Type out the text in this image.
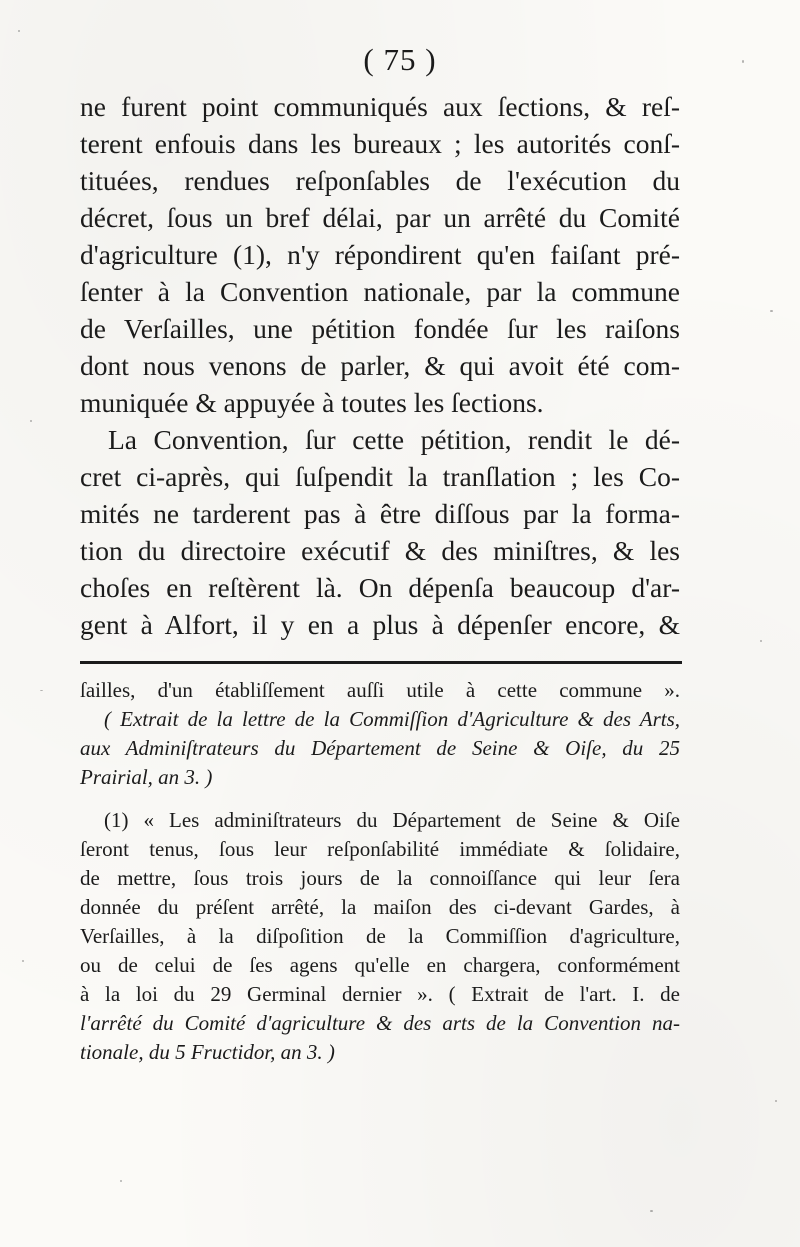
( 75 )
ne furent point communiqués aux ſections, & reſ-
terent enfouis dans les bureaux ; les autorités conſ-
tituées, rendues reſponſables de l'exécution du
décret, ſous un bref délai, par un arrêté du Comité
d'agriculture (1), n'y répondirent qu'en faiſant pré-
ſenter à la Convention nationale, par la commune
de Verſailles, une pétition fondée ſur les raiſons
dont nous venons de parler, & qui avoit été com-
muniquée & appuyée à toutes les ſections.
La Convention, ſur cette pétition, rendit le dé-
cret ci-après, qui ſuſpendit la tranſlation ; les Co-
mités ne tarderent pas à être diſſous par la forma-
tion du directoire exécutif & des miniſtres, & les
choſes en reſtèrent là. On dépenſa beaucoup d'ar-
gent à Alfort, il y en a plus à dépenſer encore, &
ſailles, d'un établiſſement auſſi utile à cette commune ».
( Extrait de la lettre de la Commiſſion d'Agriculture & des Arts,
aux Adminiſtrateurs du Département de Seine & Oiſe, du 25
Prairial, an 3. )
(1) « Les adminiſtrateurs du Département de Seine & Oiſe
ſeront tenus, ſous leur reſponſabilité immédiate & ſolidaire,
de mettre, ſous trois jours de la connoiſſance qui leur ſera
donnée du préſent arrêté, la maiſon des ci-devant Gardes, à
Verſailles, à la diſpoſition de la Commiſſion d'agriculture,
ou de celui de ſes agens qu'elle en chargera, conformément
à la loi du 29 Germinal dernier ». ( Extrait de l'art. I. de
l'arrêté du Comité d'agriculture & des arts de la Convention na-
tionale, du 5 Fructidor, an 3. )
